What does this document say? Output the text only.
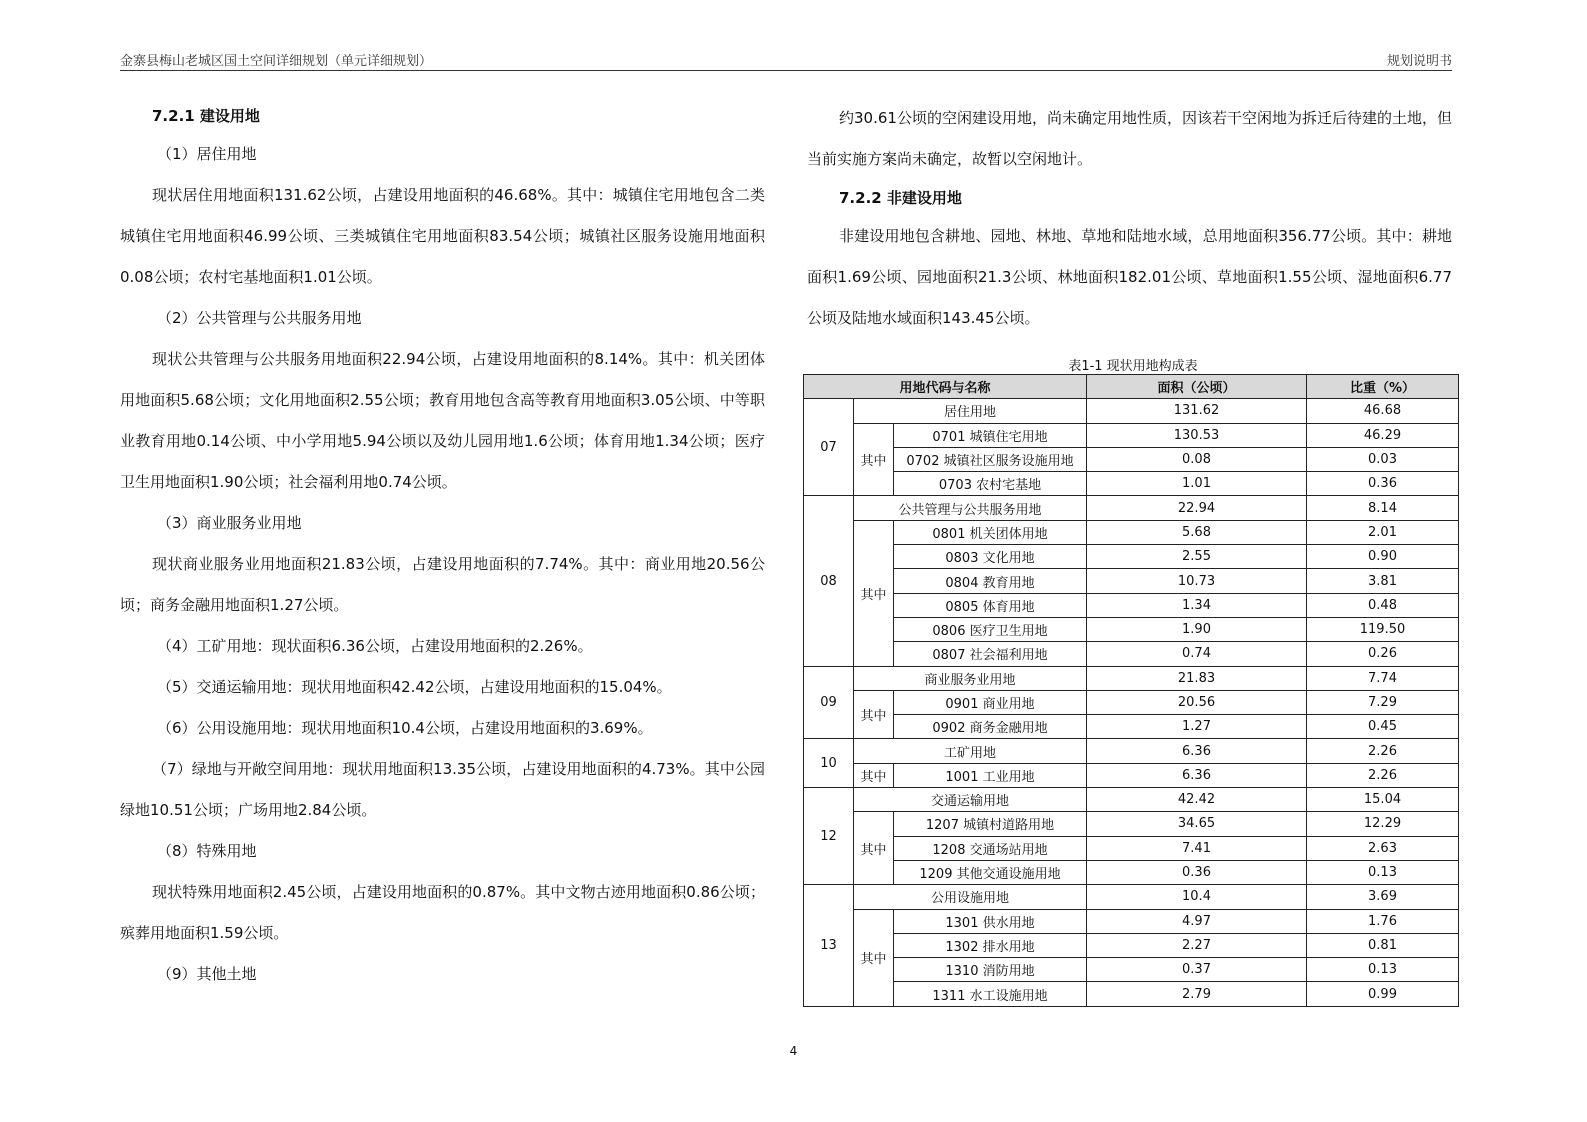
金寨县梅山老城区国土空间详细规划（单元详细规划）	规划说明书
7.2.1 建设用地
（1）居住用地

现状居住用地面积131.62公顷，占建设用地面积的46.68%。其中：城镇住宅用地包含二类城镇住宅用地面积46.99公顷、三类城镇住宅用地面积83.54公顷；城镇社区服务设施用地面积0.08公顷；农村宅基地面积1.01公顷。

（2）公共管理与公共服务用地

现状公共管理与公共服务用地面积22.94公顷，占建设用地面积的8.14%。其中：机关团体用地面积5.68公顷；文化用地面积2.55公顷；教育用地包含高等教育用地面积3.05公顷、中等职业教育用地0.14公顷、中小学用地5.94公顷以及幼儿园用地1.6公顷；体育用地1.34公顷；医疗卫生用地面积1.90公顷；社会福利用地0.74公顷。

（3）商业服务业用地

现状商业服务业用地面积21.83公顷，占建设用地面积的7.74%。其中：商业用地20.56公顷；商务金融用地面积1.27公顷。

（4）工矿用地：现状面积6.36公顷，占建设用地面积的2.26%。
（5）交通运输用地：现状用地面积42.42公顷，占建设用地面积的15.04%。
（6）公用设施用地：现状用地面积10.4公顷，占建设用地面积的3.69%。

（7）绿地与开敞空间用地：现状用地面积13.35公顷，占建设用地面积的4.73%。其中公园绿地10.51公顷；广场用地2.84公顷。

（8）特殊用地

现状特殊用地面积2.45公顷，占建设用地面积的0.87%。其中文物古迹用地面积0.86公顷；殡葬用地面积1.59公顷。

（9）其他土地

约30.61公顷的空闲建设用地，尚未确定用地性质，因该若干空闲地为拆迁后待建的土地，但当前实施方案尚未确定，故暂以空闲地计。

7.2.2 非建设用地

非建设用地包含耕地、园地、林地、草地和陆地水域，总用地面积356.77公顷。其中：耕地面积1.69公顷、园地面积21.3公顷、林地面积182.01公顷、草地面积1.55公顷、湿地面积6.77公顷及陆地水域面积143.45公顷。

表1-1 现状用地构成表
用地代码与名称			面积（公顷）	比重（%）
07	居住用地		131.62	46.68
	其中	0701 城镇住宅用地	130.53	46.29
		0702 城镇社区服务设施用地	0.08	0.03
		0703 农村宅基地	1.01	0.36
08	公共管理与公共服务用地		22.94	8.14
	其中	0801 机关团体用地	5.68	2.01
		0803 文化用地	2.55	0.90
		0804 教育用地	10.73	3.81
		0805 体育用地	1.34	0.48
		0806 医疗卫生用地	1.90	119.50
		0807 社会福利用地	0.74	0.26
09	商业服务业用地		21.83	7.74
	其中	0901 商业用地	20.56	7.29
		0902 商务金融用地	1.27	0.45
10	工矿用地		6.36	2.26
	其中	1001 工业用地	6.36	2.26
12	交通运输用地		42.42	15.04
	其中	1207 城镇村道路用地	34.65	12.29
		1208 交通场站用地	7.41	2.63
		1209 其他交通设施用地	0.36	0.13
13	公用设施用地		10.4	3.69
	其中	1301 供水用地	4.97	1.76
		1302 排水用地	2.27	0.81
		1310 消防用地	0.37	0.13
		1311 水工设施用地	2.79	0.99
4
